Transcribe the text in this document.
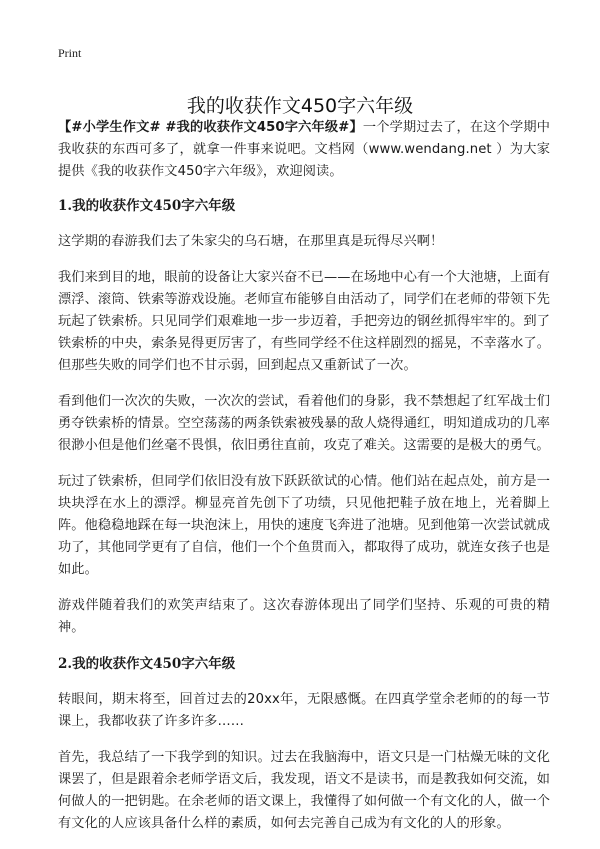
Print
我的收获作文450字六年级

【#小学生作文# #我的收获作文450字六年级#】一个学期过去了，在这个学期中我收获的东西可多了，就拿一件事来说吧。文档网（www.wendang.net ）为大家提供《我的收获作文450字六年级》，欢迎阅读。

1.我的收获作文450字六年级

这学期的春游我们去了朱家尖的乌石塘，在那里真是玩得尽兴啊！

我们来到目的地，眼前的设备让大家兴奋不已——在场地中心有一个大池塘，上面有漂浮、滚筒、铁索等游戏设施。老师宣布能够自由活动了，同学们在老师的带领下先玩起了铁索桥。只见同学们艰难地一步一步迈着，手把旁边的钢丝抓得牢牢的。到了铁索桥的中央，索条晃得更厉害了，有些同学经不住这样剧烈的摇晃，不幸落水了。但那些失败的同学们也不甘示弱，回到起点又重新试了一次。

看到他们一次次的失败，一次次的尝试，看着他们的身影，我不禁想起了红军战士们勇夺铁索桥的情景。空空荡荡的两条铁索被残暴的敌人烧得通红，明知道成功的几率很渺小但是他们丝毫不畏惧，依旧勇往直前，攻克了难关。这需要的是极大的勇气。

玩过了铁索桥，但同学们依旧没有放下跃跃欲试的心情。他们站在起点处，前方是一块块浮在水上的漂浮。柳显亮首先创下了功绩，只见他把鞋子放在地上，光着脚上阵。他稳稳地踩在每一块泡沫上，用快的速度飞奔进了池塘。见到他第一次尝试就成功了，其他同学更有了自信，他们一个个鱼贯而入，都取得了成功，就连女孩子也是如此。

游戏伴随着我们的欢笑声结束了。这次春游体现出了同学们坚持、乐观的可贵的精神。

2.我的收获作文450字六年级

转眼间，期末将至，回首过去的20xx年，无限感慨。在四真学堂余老师的的每一节课上，我都收获了许多许多……

首先，我总结了一下我学到的知识。过去在我脑海中，语文只是一门枯燥无味的文化课罢了，但是跟着余老师学语文后，我发现，语文不是读书，而是教我如何交流，如何做人的一把钥匙。在余老师的语文课上，我懂得了如何做一个有文化的人，做一个有文化的人应该具备什么样的素质，如何去完善自己成为有文化的人的形象。
